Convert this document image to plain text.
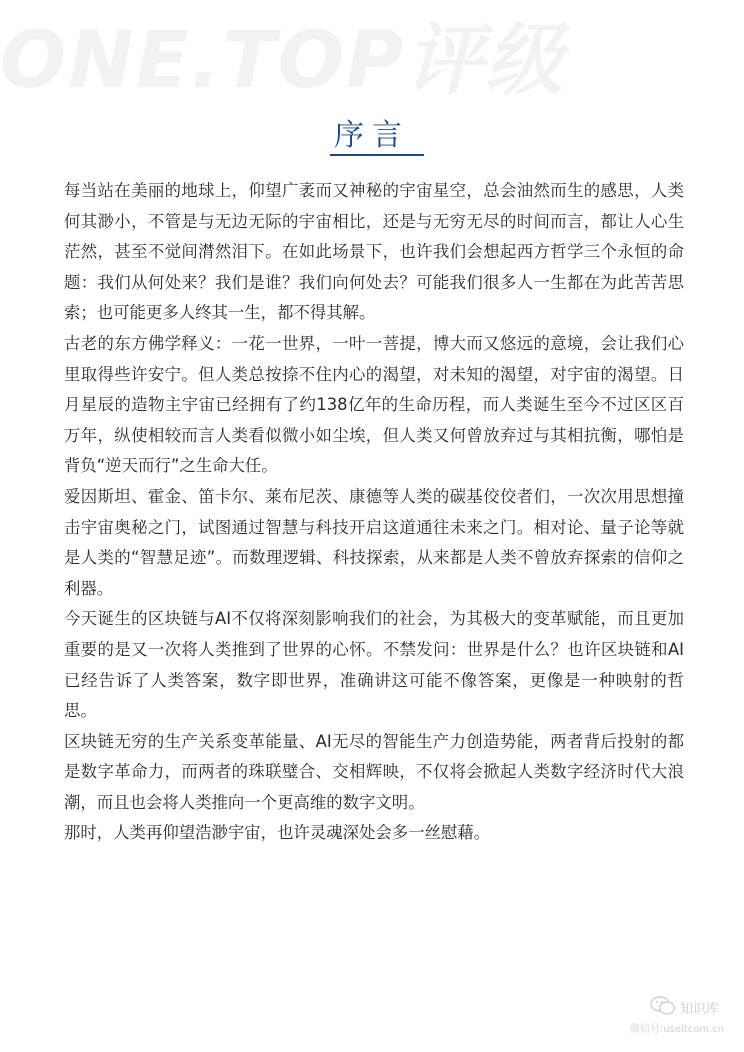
ONE.TOP评级
序言

每当站在美丽的地球上，仰望广袤而又神秘的宇宙星空，总会油然而生的感思，人类何其渺小，不管是与无边无际的宇宙相比，还是与无穷无尽的时间而言，都让人心生茫然，甚至不觉间潸然泪下。在如此场景下，也许我们会想起西方哲学三个永恒的命题：我们从何处来？我们是谁？我们向何处去？可能我们很多人一生都在为此苦苦思索；也可能更多人终其一生，都不得其解。

古老的东方佛学释义：一花一世界，一叶一菩提，博大而又悠远的意境，会让我们心里取得些许安宁。但人类总按捺不住内心的渴望，对未知的渴望，对宇宙的渴望。日月星辰的造物主宇宙已经拥有了约138亿年的生命历程，而人类诞生至今不过区区百万年，纵使相较而言人类看似微小如尘埃，但人类又何曾放弃过与其相抗衡，哪怕是背负“逆天而行”之生命大任。

爱因斯坦、霍金、笛卡尔、莱布尼茨、康德等人类的碳基佼佼者们，一次次用思想撞击宇宙奥秘之门，试图通过智慧与科技开启这道通往未来之门。相对论、量子论等就是人类的“智慧足迹”。而数理逻辑、科技探索，从来都是人类不曾放弃探索的信仰之利器。

今天诞生的区块链与AI不仅将深刻影响我们的社会，为其极大的变革赋能，而且更加重要的是又一次将人类推到了世界的心怀。不禁发问：世界是什么？也许区块链和AI已经告诉了人类答案，数字即世界，准确讲这可能不像答案，更像是一种映射的哲思。

区块链无穷的生产关系变革能量、AI无尽的智能生产力创造势能，两者背后投射的都是数字革命力，而两者的珠联璧合、交相辉映，不仅将会掀起人类数字经济时代大浪潮，而且也会将人类推向一个更高维的数字文明。

那时，人类再仰望浩渺宇宙，也许灵魂深处会多一丝慰藉。

知识库
微信号:useitcom.cn
